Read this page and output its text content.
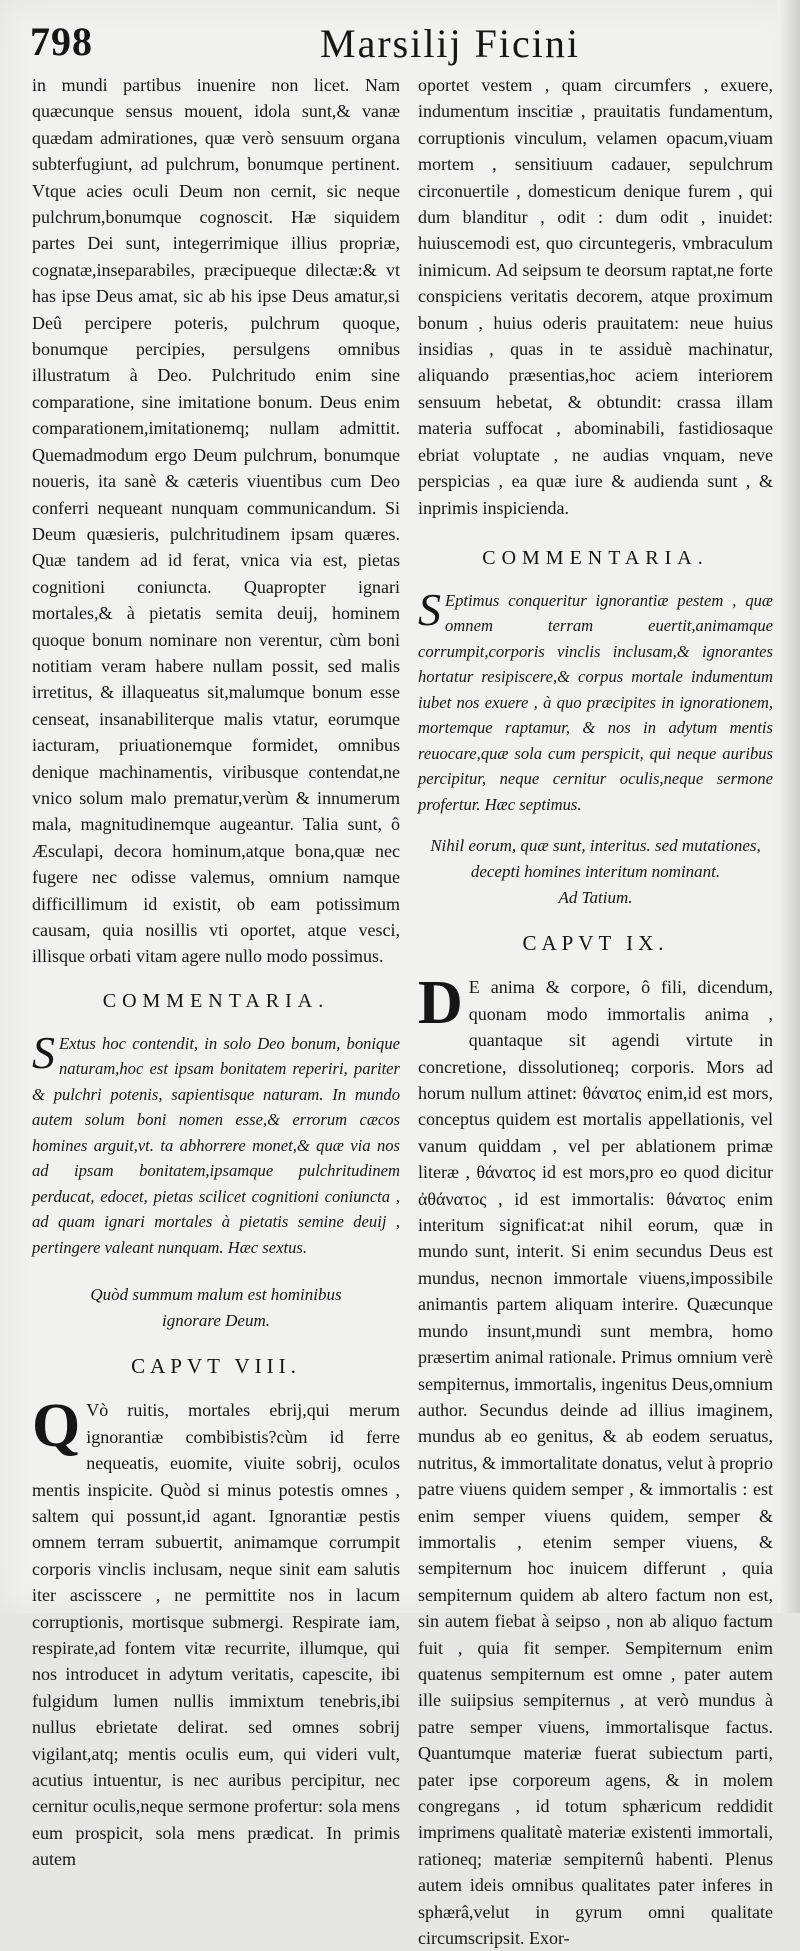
798	Marsilij Ficini

in mundi partibus inuenire non licet. Nam quæcunque sensus mouent, idola sunt,& vanæ quædam admirationes, quæ verò sensuum organa subterfugiunt, ad pulchrum, bonumque pertinent. Vtque acies oculi Deum non cernit, sic neque pulchrum,bonumque cognoscit. Hæ siquidem partes Dei sunt, integerrimique illius propriæ, cognatæ,inseparabiles, præcipueque dilectæ:& vt has ipse Deus amat, sic ab his ipse Deus amatur,si Deû percipere poteris, pulchrum quoque, bonumque percipies, persulgens omnibus illustratum à Deo. Pulchritudo enim sine comparatione, sine imitatione bonum. Deus enim comparationem,imitationemq; nullam admittit. Quemadmodum ergo Deum pulchrum, bonumque noueris, ita sanè & cæteris viuentibus cum Deo conferri nequeant nunquam communicandum. Si Deum quæsieris, pulchritudinem ipsam quæres. Quæ tandem ad id ferat, vnica via est, pietas cognitioni coniuncta. Quapropter ignari mortales,& à pietatis semita deuij, hominem quoque bonum nominare non verentur, cùm boni notitiam veram habere nullam possit, sed malis irretitus, & illaqueatus sit,malumque bonum esse censeat, insanabiliterque malis vtatur, eorumque iacturam, priuationemque formidet, omnibus denique machinamentis, viribusque contendat,ne vnico solum malo prematur,verùm & innumerum mala, magnitudinemque augeantur. Talia sunt, ô Æsculapi, decora hominum,atque bona,quæ nec fugere nec odisse valemus, omnium namque difficillimum id existit, ob eam potissimum causam, quia nosillis vti oportet, atque vesci, illisque orbati vitam agere nullo modo possimus.

COMMENTARIA.
S Extus hoc contendit, in solo Deo bonum, bonique naturam,hoc est ipsam bonitatem reperiri, pariter & pulchri potenis, sapientisque naturam. In mundo autem solum boni nomen esse,& errorum cæcos homines arguit,vt. ta abhorrere monet,& quæ via nos ad ipsam bonitatem,ipsamque pulchritudinem perducat, edocet, pietas scilicet cognitioni coniuncta , ad quam ignari mortales à pietatis semine deuij , pertingere valeant nunquam. Hæc sextus.

Quòd summum malum est hominibus ignorare Deum.

CAPVT VIII.
Q Vò ruitis, mortales ebrij,qui merum ignorantiæ combibistis?cùm id ferre nequeatis, euomite, viuite sobrij, oculos mentis inspicite. Quòd si minus potestis omnes , saltem qui possunt,id agant. Ignorantiæ pestis omnem terram subuertit, animamque corrumpit corporis vinclis inclusam, neque sinit eam salutis iter ascisscere , ne permittite nos in lacum corruptionis, mortisque submergi. Respirate iam, respirate,ad fontem vitæ recurrite, illumque, qui nos introducet in adytum veritatis, capescite, ibi fulgidum lumen nullis immixtum tenebris,ibi nullus ebrietate delirat. sed omnes sobrij vigilant,atq; mentis oculis eum, qui videri vult, acutius intuentur, is nec auribus percipitur, nec cernitur oculis,neque sermone profertur: sola mens eum prospicit, sola mens prædicat. In primis autem

oportet vestem , quam circumfers , exuere, indumentum inscitiæ , prauitatis fundamentum, corruptionis vinculum, velamen opacum,viuam mortem , sensitiuum cadauer, sepulchrum circonuertile , domesticum denique furem , qui dum blanditur , odit : dum odit , inuidet: huiuscemodi est, quo circuntegeris, vmbraculum inimicum. Ad seipsum te deorsum raptat,ne forte conspiciens veritatis decorem, atque proximum bonum , huius oderis prauitatem: neue huius insidias , quas in te assiduè machinatur, aliquando præsentias,hoc aciem interiorem sensuum hebetat, & obtundit: crassa illam materia suffocat , abominabili, fastidiosaque ebriat voluptate , ne audias vnquam, neve perspicias , ea quæ iure & audienda sunt , & inprimis inspicienda.

COMMENTARIA.
S Eptimus conqueritur ignorantiæ pestem , quæ omnem terram euertit,animamque corrumpit,corporis vinclis inclusam,& ignorantes hortatur resipiscere,& corpus mortale indumentum iubet nos exuere , à quo præcipites in ignorationem, mortemque raptamur, & nos in adytum mentis reuocare,quæ sola cum perspicit, qui neque auribus percipitur, neque cernitur oculis,neque sermone profertur. Hæc septimus.

Nihil eorum, quæ sunt, interitus. sed mutationes, decepti homines interitum nominant.

Ad Tatium.

CAPVT IX.
D E anima & corpore, ô fili, dicendum, quonam modo immortalis anima , quantaque sit agendi virtute in concretione, dissolutioneq; corporis. Mors ad horum nullum attinet: θάνατος enim,id est mors, conceptus quidem est mortalis appellationis, vel vanum quiddam , vel per ablationem primæ literæ , θάνατος id est mors,pro eo quod dicitur ἀθάνατος , id est immortalis: θάνατος enim interitum significat:at nihil eorum, quæ in mundo sunt, interit. Si enim secundus Deus est mundus, necnon immortale viuens,impossibile animantis partem aliquam interire. Quæcunque mundo insunt,mundi sunt membra, homo præsertim animal rationale. Primus omnium verè sempiternus, immortalis, ingenitus Deus,omnium author. Secundus deinde ad illius imaginem, mundus ab eo genitus, & ab eodem seruatus, nutritus, & immortalitate donatus, velut à proprio patre viuens quidem semper , & immortalis : est enim semper viuens quidem, semper & immortalis , etenim semper viuens, & sempiternum hoc inuicem differunt , quia sempiternum quidem ab altero factum non est, sin autem fiebat à seipso , non ab aliquo factum fuit , quia fit semper. Sempiternum enim quatenus sempiternum est omne , pater autem ille suiipsius sempiternus , at verò mundus à patre semper viuens, immortalisque factus. Quantumque materiæ fuerat subiectum parti, pater ipse corporeum agens, & in molem congregans , id totum sphæricum reddidit imprimens qualitatè materiæ existenti immortali, rationeq; materiæ sempiternû habenti. Plenus autem ideis omnibus qualitates pater inferes in sphærâ,velut in gyrum omni qualitate circumscripsit. Exor-
